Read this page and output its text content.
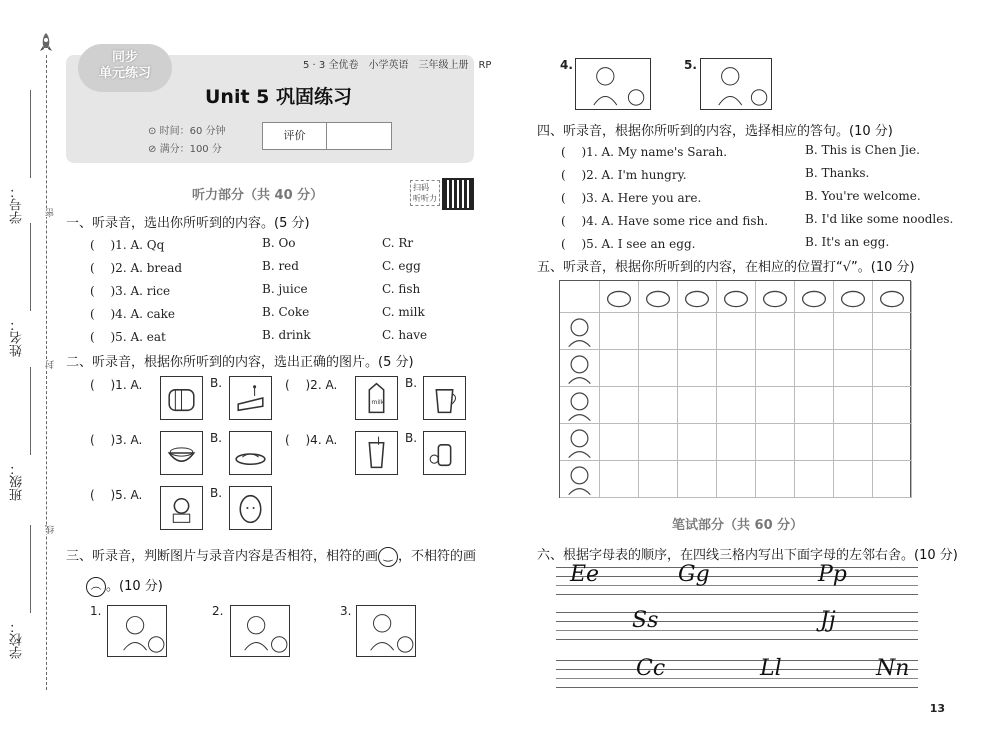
同步
单元练习
5 · 3 全优卷　小学英语　三年级上册　RP
Unit 5 巩固练习
⊙ 时间：60 分钟
⊘ 满分：100 分
评价
听力部分（共 40 分）
扫码
听听力
一、听录音，选出你所听到的内容。(5 分)
( 　)1. A. Qq	B. Oo	C. Rr
( 　)2. A. bread	B. red	C. egg
( 　)3. A. rice	B. juice	C. fish
( 　)4. A. cake	B. Coke	C. milk
( 　)5. A. eat	B. drink	C. have
二、听录音，根据你所听到的内容，选出正确的图片。(5 分)
( 　)1. A.	B.	( 　)2. A.
milk
B.
( 　)3. A.	B.	( 　)4. A.	B.
( 　)5. A.	B.
三、听录音，判断图片与录音内容是否相符，相符的画 ‿ ，不相符的画
︵ 。(10 分)
1.	2.	3.
4.	5.
四、听录音，根据你所听到的内容，选择相应的答句。(10 分)
( 　)1. A. My name's Sarah.	B. This is Chen Jie.
( 　)2. A. I'm hungry.	B. Thanks.
( 　)3. A. Here you are.	B. You're welcome.
( 　)4. A. Have some rice and fish.	B. I'd like some noodles.
( 　)5. A. I see an egg.	B. It's an egg.
五、听录音，根据你所听到的内容，在相应的位置打“√”。(10 分)
笔试部分（共 60 分）
六、根据字母表的顺序，在四线三格内写出下面字母的左邻右舍。(10 分)
Ee	Gg	Pp
Ss	Jj
Cc	Ll	Nn
13
学号：
姓名：
班级：
学校：
密
封
线
